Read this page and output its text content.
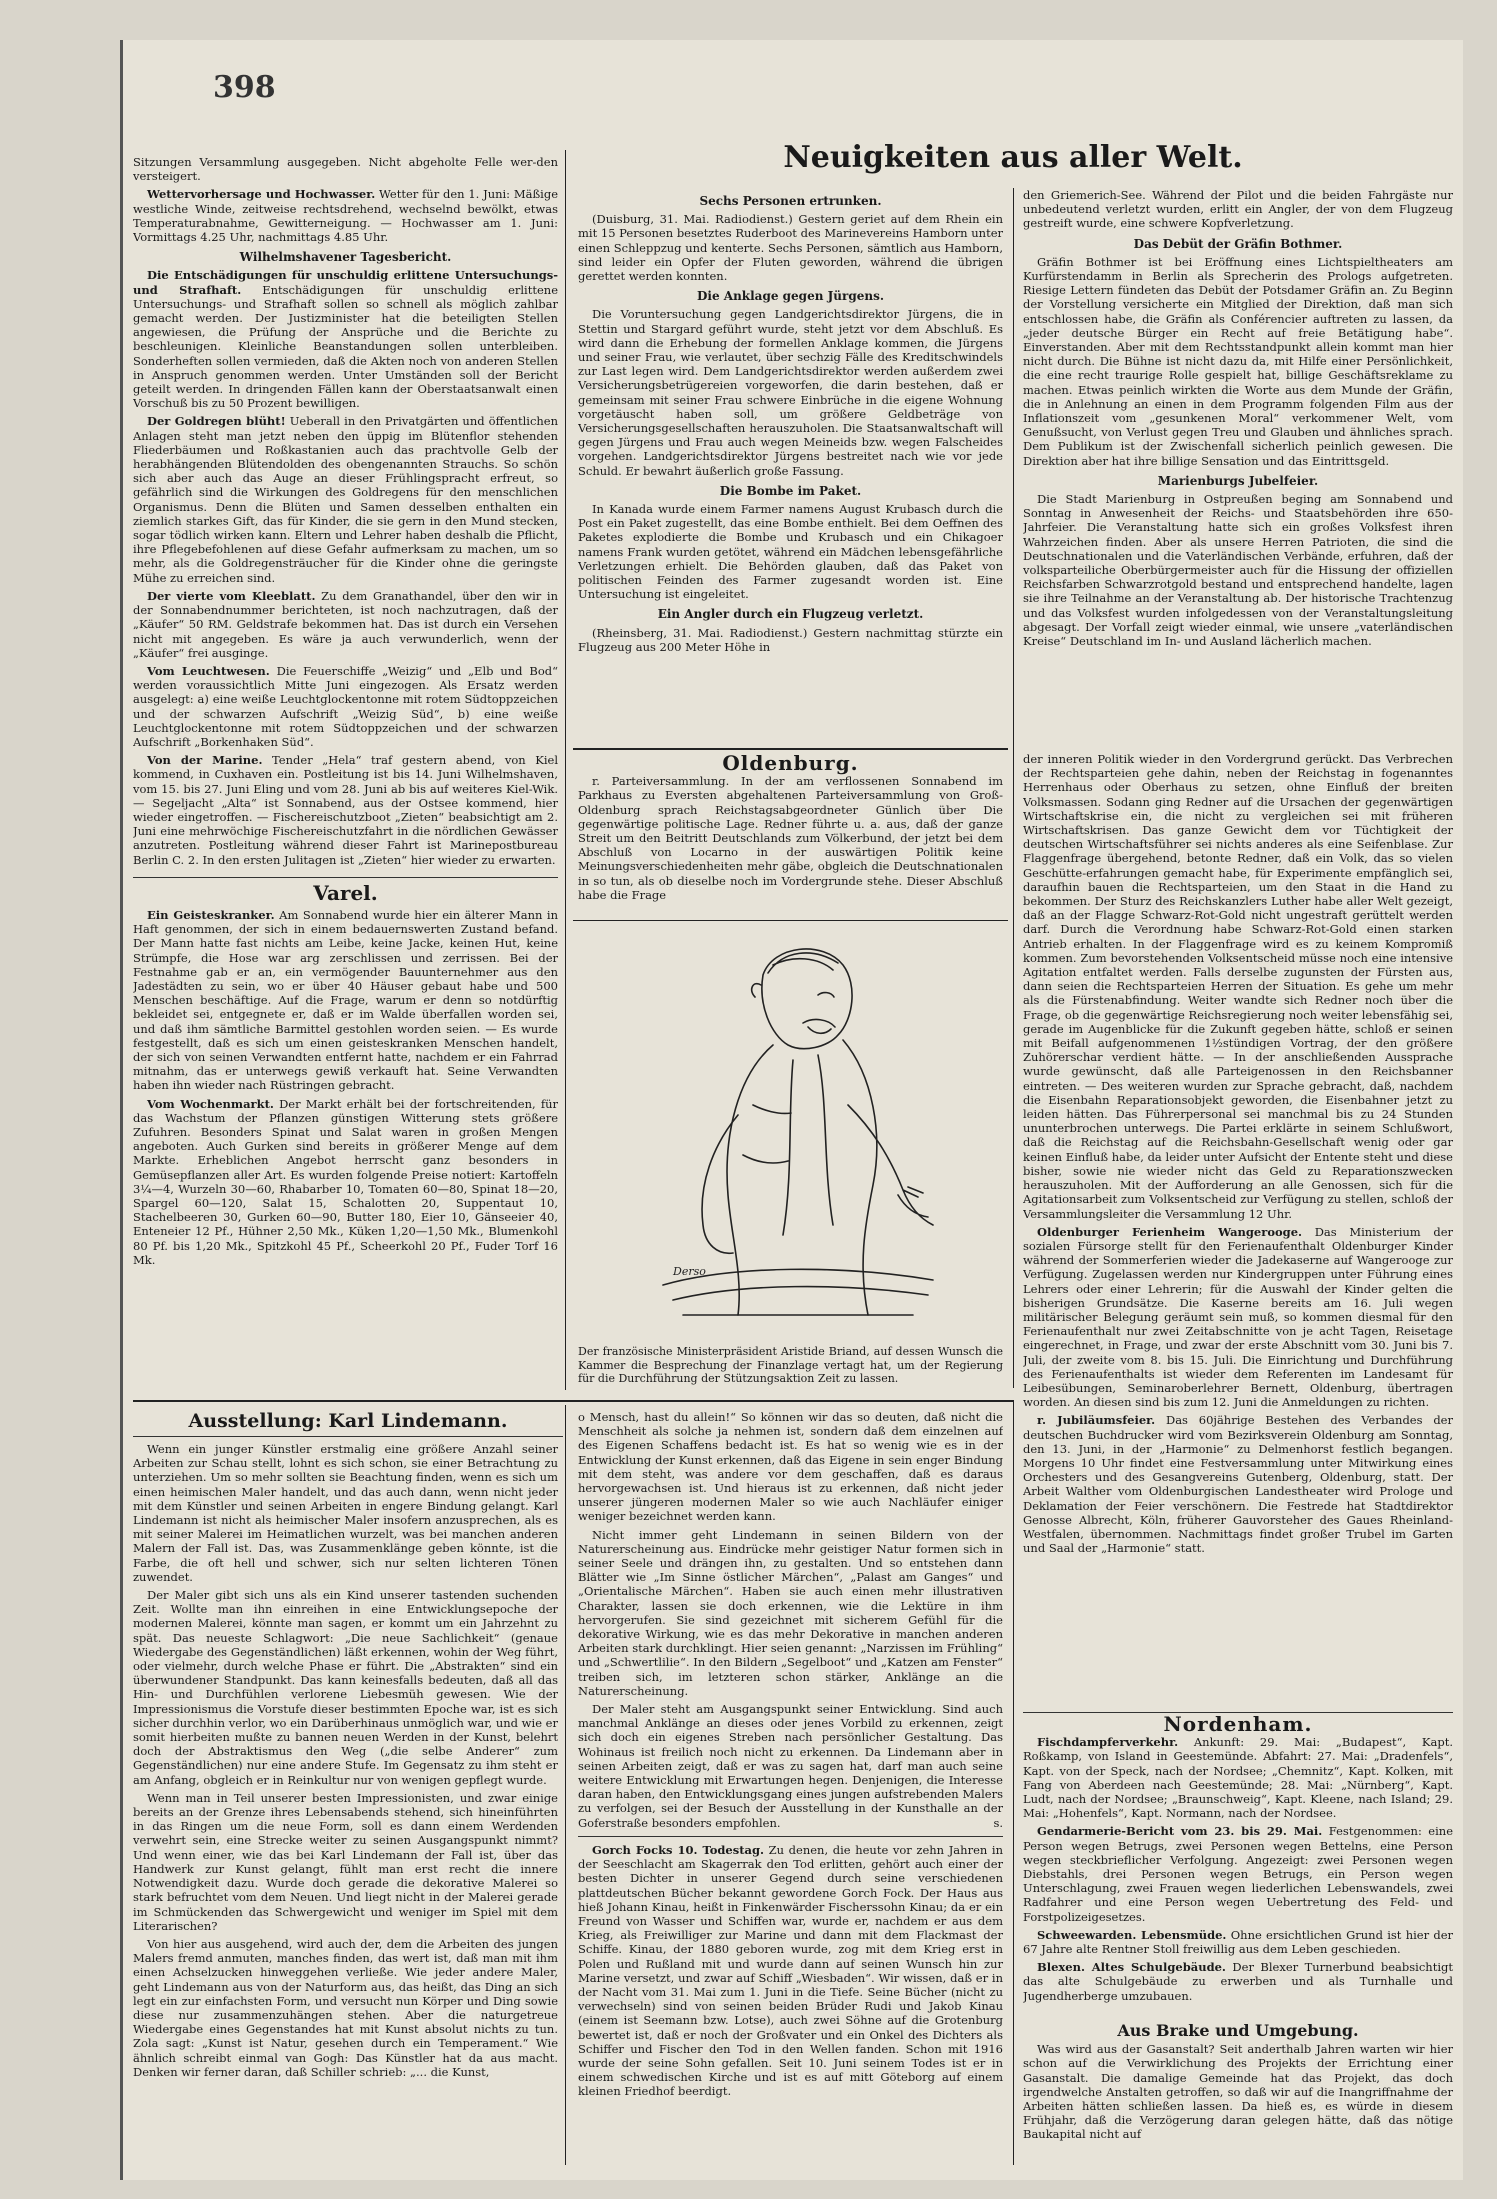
398

Sitzungen Versammlung ausgegeben. Nicht abgeholte Felle wer-den versteigert.

Wettervorhersage und Hochwasser. Wetter für den 1. Juni: Mäßige westliche Winde, zeitweise rechtsdrehend, wechselnd bewölkt, etwas Temperaturabnahme, Gewitterneigung. — Hochwasser am 1. Juni: Vormittags 4.25 Uhr, nachmittags 4.85 Uhr.

Wilhelmshavener Tagesbericht.

Die Entschädigungen für unschuldig erlittene Untersuchungs- und Strafhaft. Entschädigungen für unschuldig erlittene Untersuchungs- und Strafhaft sollen so schnell als möglich zahlbar gemacht werden. Der Justizminister hat die beteiligten Stellen angewiesen, die Prüfung der Ansprüche und die Berichte zu beschleunigen. Kleinliche Beanstandungen sollen unterbleiben. Sonderheften sollen vermieden, daß die Akten noch von anderen Stellen in Anspruch genommen werden. Unter Umständen soll der Bericht geteilt werden. In dringenden Fällen kann der Oberstaatsanwalt einen Vorschuß bis zu 50 Prozent bewilligen.

Der Goldregen blüht! Ueberall in den Privatgärten und öffentlichen Anlagen steht man jetzt neben den üppig im Blütenflor stehenden Fliederbäumen und Roßkastanien auch das prachtvolle Gelb der herabhängenden Blütendolden des obengenannten Strauchs. So schön sich aber auch das Auge an dieser Frühlingspracht erfreut, so gefährlich sind die Wirkungen des Goldregens für den menschlichen Organismus. Denn die Blüten und Samen desselben enthalten ein ziemlich starkes Gift, das für Kinder, die sie gern in den Mund stecken, sogar tödlich wirken kann. Eltern und Lehrer haben deshalb die Pflicht, ihre Pflegebefohlenen auf diese Gefahr aufmerksam zu machen, um so mehr, als die Goldregensträucher für die Kinder ohne die geringste Mühe zu erreichen sind.

Der vierte vom Kleeblatt. Zu dem Granathandel, über den wir in der Sonnabendnummer berichteten, ist noch nachzutragen, daß der „Käufer“ 50 RM. Geldstrafe bekommen hat. Das ist durch ein Versehen nicht mit angegeben. Es wäre ja auch verwunderlich, wenn der „Käufer“ frei ausginge.

Vom Leuchtwesen. Die Feuerschiffe „Weizig“ und „Elb und Bod“ werden voraussichtlich Mitte Juni eingezogen. Als Ersatz werden ausgelegt: a) eine weiße Leuchtglockentonne mit rotem Südtoppzeichen und der schwarzen Aufschrift „Weizig Süd“, b) eine weiße Leuchtglockentonne mit rotem Südtoppzeichen und der schwarzen Aufschrift „Borkenhaken Süd“.

Von der Marine. Tender „Hela“ traf gestern abend, von Kiel kommend, in Cuxhaven ein. Postleitung ist bis 14. Juni Wilhelmshaven, vom 15. bis 27. Juni Eling und vom 28. Juni ab bis auf weiteres Kiel-Wik. — Segeljacht „Alta“ ist Sonnabend, aus der Ostsee kommend, hier wieder eingetroffen. — Fischereischutzboot „Zieten“ beabsichtigt am 2. Juni eine mehrwöchige Fischereischutzfahrt in die nördlichen Gewässer anzutreten. Postleitung während dieser Fahrt ist Marinepostbureau Berlin C. 2. In den ersten Julitagen ist „Zieten“ hier wieder zu erwarten.

Varel.

Ein Geisteskranker. Am Sonnabend wurde hier ein älterer Mann in Haft genommen, der sich in einem bedauernswerten Zustand befand. Der Mann hatte fast nichts am Leibe, keine Jacke, keinen Hut, keine Strümpfe, die Hose war arg zerschlissen und zerrissen. Bei der Festnahme gab er an, ein vermögender Bauunternehmer aus den Jadestädten zu sein, wo er über 40 Häuser gebaut habe und 500 Menschen beschäftige. Auf die Frage, warum er denn so notdürftig bekleidet sei, entgegnete er, daß er im Walde überfallen worden sei, und daß ihm sämtliche Barmittel gestohlen worden seien. — Es wurde festgestellt, daß es sich um einen geisteskranken Menschen handelt, der sich von seinen Verwandten entfernt hatte, nachdem er ein Fahrrad mitnahm, das er unterwegs gewiß verkauft hat. Seine Verwandten haben ihn wieder nach Rüstringen gebracht.

Vom Wochenmarkt. Der Markt erhält bei der fortschreitenden, für das Wachstum der Pflanzen günstigen Witterung stets größere Zufuhren. Besonders Spinat und Salat waren in großen Mengen angeboten. Auch Gurken sind bereits in größerer Menge auf dem Markte. Erheblichen Angebot herrscht ganz besonders in Gemüsepflanzen aller Art. Es wurden folgende Preise notiert: Kartoffeln 3¼—4, Wurzeln 30—60, Rhabarber 10, Tomaten 60—80, Spinat 18—20, Spargel 60—120, Salat 15, Schalotten 20, Suppentaut 10, Stachelbeeren 30, Gurken 60—90, Butter 180, Eier 10, Gänseeier 40, Enteneier 12 Pf., Hühner 2,50 Mk., Küken 1,20—1,50 Mk., Blumenkohl 80 Pf. bis 1,20 Mk., Spitzkohl 45 Pf., Scheerkohl 20 Pf., Fuder Torf 16 Mk.

Neuigkeiten aus aller Welt.
Sechs Personen ertrunken.

(Duisburg, 31. Mai. Radiodienst.) Gestern geriet auf dem Rhein ein mit 15 Personen besetztes Ruderboot des Marinevereins Hamborn unter einen Schleppzug und kenterte. Sechs Personen, sämtlich aus Hamborn, sind leider ein Opfer der Fluten geworden, während die übrigen gerettet werden konnten.

Die Anklage gegen Jürgens.

Die Voruntersuchung gegen Landgerichtsdirektor Jürgens, die in Stettin und Stargard geführt wurde, steht jetzt vor dem Abschluß. Es wird dann die Erhebung der formellen Anklage kommen, die Jürgens und seiner Frau, wie verlautet, über sechzig Fälle des Kreditschwindels zur Last legen wird. Dem Landgerichtsdirektor werden außerdem zwei Versicherungsbetrügereien vorgeworfen, die darin bestehen, daß er gemeinsam mit seiner Frau schwere Einbrüche in die eigene Wohnung vorgetäuscht haben soll, um größere Geldbeträge von Versicherungsgesellschaften herauszuholen. Die Staatsanwaltschaft will gegen Jürgens und Frau auch wegen Meineids bzw. wegen Falscheides vorgehen. Landgerichtsdirektor Jürgens bestreitet nach wie vor jede Schuld. Er bewahrt äußerlich große Fassung.

Die Bombe im Paket.

In Kanada wurde einem Farmer namens August Krubasch durch die Post ein Paket zugestellt, das eine Bombe enthielt. Bei dem Oeffnen des Paketes explodierte die Bombe und Krubasch und ein Chikagoer namens Frank wurden getötet, während ein Mädchen lebensgefährliche Verletzungen erhielt. Die Behörden glauben, daß das Paket von politischen Feinden des Farmer zugesandt worden ist. Eine Untersuchung ist eingeleitet.

Ein Angler durch ein Flugzeug verletzt.

(Rheinsberg, 31. Mai. Radiodienst.) Gestern nachmittag stürzte ein Flugzeug aus 200 Meter Höhe in

den Griemerich-See. Während der Pilot und die beiden Fahrgäste nur unbedeutend verletzt wurden, erlitt ein Angler, der von dem Flugzeug gestreift wurde, eine schwere Kopfverletzung.

Das Debüt der Gräfin Bothmer.

Gräfin Bothmer ist bei Eröffnung eines Lichtspieltheaters am Kurfürstendamm in Berlin als Sprecherin des Prologs aufgetreten. Riesige Lettern fündeten das Debüt der Potsdamer Gräfin an. Zu Beginn der Vorstellung versicherte ein Mitglied der Direktion, daß man sich entschlossen habe, die Gräfin als Conférencier auftreten zu lassen, da „jeder deutsche Bürger ein Recht auf freie Betätigung habe“. Einverstanden. Aber mit dem Rechtsstandpunkt allein kommt man hier nicht durch. Die Bühne ist nicht dazu da, mit Hilfe einer Persönlichkeit, die eine recht traurige Rolle gespielt hat, billige Geschäftsreklame zu machen. Etwas peinlich wirkten die Worte aus dem Munde der Gräfin, die in Anlehnung an einen in dem Programm folgenden Film aus der Inflationszeit vom „gesunkenen Moral“ verkommener Welt, vom Genußsucht, von Verlust gegen Treu und Glauben und ähnliches sprach. Dem Publikum ist der Zwischenfall sicherlich peinlich gewesen. Die Direktion aber hat ihre billige Sensation und das Eintrittsgeld.

Marienburgs Jubelfeier.

Die Stadt Marienburg in Ostpreußen beging am Sonnabend und Sonntag in Anwesenheit der Reichs- und Staatsbehörden ihre 650-Jahrfeier. Die Veranstaltung hatte sich ein großes Volksfest ihren Wahrzeichen finden. Aber als unsere Herren Patrioten, die sind die Deutschnationalen und die Vaterländischen Verbände, erfuhren, daß der volksparteiliche Oberbürgermeister auch für die Hissung der offiziellen Reichsfarben Schwarzrotgold bestand und entsprechend handelte, lagen sie ihre Teilnahme an der Veranstaltung ab. Der historische Trachtenzug und das Volksfest wurden infolgedessen von der Veranstaltungsleitung abgesagt. Der Vorfall zeigt wieder einmal, wie unsere „vaterländischen Kreise“ Deutschland im In- und Ausland lächerlich machen.

Oldenburg.

r. Parteiversammlung. In der am verflossenen Sonnabend im Parkhaus zu Eversten abgehaltenen Parteiversammlung von Groß-Oldenburg sprach Reichstagsabgeordneter Günlich über Die gegenwärtige politische Lage. Redner führte u. a. aus, daß der ganze Streit um den Beitritt Deutschlands zum Völkerbund, der jetzt bei dem Abschluß von Locarno in der auswärtigen Politik keine Meinungsverschiedenheiten mehr gäbe, obgleich die Deutschnationalen in so tun, als ob dieselbe noch im Vordergrunde stehe. Dieser Abschluß habe die Frage

Derso
Der französische Ministerpräsident Aristide Briand, auf dessen Wunsch die Kammer die Besprechung der Finanzlage vertagt hat, um der Regierung für die Durchführung der Stützungsaktion Zeit zu lassen.

der inneren Politik wieder in den Vordergrund gerückt. Das Verbrechen der Rechtsparteien gehe dahin, neben der Reichstag in fogenanntes Herrenhaus oder Oberhaus zu setzen, ohne Einfluß der breiten Volksmassen. Sodann ging Redner auf die Ursachen der gegenwärtigen Wirtschaftskrise ein, die nicht zu vergleichen sei mit früheren Wirtschaftskrisen. Das ganze Gewicht dem vor Tüchtigkeit der deutschen Wirtschaftsführer sei nichts anderes als eine Seifenblase. Zur Flaggenfrage übergehend, betonte Redner, daß ein Volk, das so vielen Geschütte-erfahrungen gemacht habe, für Experimente empfänglich sei, daraufhin bauen die Rechtsparteien, um den Staat in die Hand zu bekommen. Der Sturz des Reichskanzlers Luther habe aller Welt gezeigt, daß an der Flagge Schwarz-Rot-Gold nicht ungestraft gerüttelt werden darf. Durch die Verordnung habe Schwarz-Rot-Gold einen starken Antrieb erhalten. In der Flaggenfrage wird es zu keinem Kompromiß kommen. Zum bevorstehenden Volksentscheid müsse noch eine intensive Agitation entfaltet werden. Falls derselbe zugunsten der Fürsten aus, dann seien die Rechtsparteien Herren der Situation. Es gehe um mehr als die Fürstenabfindung. Weiter wandte sich Redner noch über die Frage, ob die gegenwärtige Reichsregierung noch weiter lebensfähig sei, gerade im Augenblicke für die Zukunft gegeben hätte, schloß er seinen mit Beifall aufgenommenen 1½stündigen Vortrag, der den größere Zuhörerschar verdient hätte. — In der anschließenden Aussprache wurde gewünscht, daß alle Parteigenossen in den Reichsbanner eintreten. — Des weiteren wurden zur Sprache gebracht, daß, nachdem die Eisenbahn Reparationsobjekt geworden, die Eisenbahner jetzt zu leiden hätten. Das Führerpersonal sei manchmal bis zu 24 Stunden ununterbrochen unterwegs. Die Partei erklärte in seinem Schlußwort, daß die Reichstag auf die Reichsbahn-Gesellschaft wenig oder gar keinen Einfluß habe, da leider unter Aufsicht der Entente steht und diese bisher, sowie nie wieder nicht das Geld zu Reparationszwecken herauszuholen. Mit der Aufforderung an alle Genossen, sich für die Agitationsarbeit zum Volksentscheid zur Verfügung zu stellen, schloß der Versammlungsleiter die Versammlung 12 Uhr.

Oldenburger Ferienheim Wangerooge. Das Ministerium der sozialen Fürsorge stellt für den Ferienaufenthalt Oldenburger Kinder während der Sommerferien wieder die Jadekaserne auf Wangerooge zur Verfügung. Zugelassen werden nur Kindergruppen unter Führung eines Lehrers oder einer Lehrerin; für die Auswahl der Kinder gelten die bisherigen Grundsätze. Die Kaserne bereits am 16. Juli wegen militärischer Belegung geräumt sein muß, so kommen diesmal für den Ferienaufenthalt nur zwei Zeitabschnitte von je acht Tagen, Reisetage eingerechnet, in Frage, und zwar der erste Abschnitt vom 30. Juni bis 7. Juli, der zweite vom 8. bis 15. Juli. Die Einrichtung und Durchführung des Ferienaufenthalts ist wieder dem Referenten im Landesamt für Leibesübungen, Seminaroberlehrer Bernett, Oldenburg, übertragen worden. An diesen sind bis zum 12. Juni die Anmeldungen zu richten.

r. Jubiläumsfeier. Das 60jährige Bestehen des Verbandes der deutschen Buchdrucker wird vom Bezirksverein Oldenburg am Sonntag, den 13. Juni, in der „Harmonie“ zu Delmenhorst festlich begangen. Morgens 10 Uhr findet eine Festversammlung unter Mitwirkung eines Orchesters und des Gesangvereins Gutenberg, Oldenburg, statt. Der Arbeit Walther vom Oldenburgischen Landestheater wird Prologe und Deklamation der Feier verschönern. Die Festrede hat Stadtdirektor Genosse Albrecht, Köln, früherer Gauvorsteher des Gaues Rheinland-Westfalen, übernommen. Nachmittags findet großer Trubel im Garten und Saal der „Harmonie“ statt.

Ausstellung: Karl Lindemann.

Wenn ein junger Künstler erstmalig eine größere Anzahl seiner Arbeiten zur Schau stellt, lohnt es sich schon, sie einer Betrachtung zu unterziehen. Um so mehr sollten sie Beachtung finden, wenn es sich um einen heimischen Maler handelt, und das auch dann, wenn nicht jeder mit dem Künstler und seinen Arbeiten in engere Bindung gelangt. Karl Lindemann ist nicht als heimischer Maler insofern anzusprechen, als es mit seiner Malerei im Heimatlichen wurzelt, was bei manchen anderen Malern der Fall ist. Das, was Zusammenklänge geben könnte, ist die Farbe, die oft hell und schwer, sich nur selten lichteren Tönen zuwendet.

Der Maler gibt sich uns als ein Kind unserer tastenden suchenden Zeit. Wollte man ihn einreihen in eine Entwicklungsepoche der modernen Malerei, könnte man sagen, er kommt um ein Jahrzehnt zu spät. Das neueste Schlagwort: „Die neue Sachlichkeit“ (genaue Wiedergabe des Gegenständlichen) läßt erkennen, wohin der Weg führt, oder vielmehr, durch welche Phase er führt. Die „Abstrakten“ sind ein überwundener Standpunkt. Das kann keinesfalls bedeuten, daß all das Hin- und Durchfühlen verlorene Liebesmüh gewesen. Wie der Impressionismus die Vorstufe dieser bestimmten Epoche war, ist es sich sicher durchhin verlor, wo ein Darüberhinaus unmöglich war, und wie er somit hierbeiten mußte zu bannen neuen Werden in der Kunst, belehrt doch der Abstraktismus den Weg („die selbe Anderer“ zum Gegenständlichen) nur eine andere Stufe. Im Gegensatz zu ihm steht er am Anfang, obgleich er in Reinkultur nur von wenigen gepflegt wurde.

Wenn man in Teil unserer besten Impressionisten, und zwar einige bereits an der Grenze ihres Lebensabends stehend, sich hineinführten in das Ringen um die neue Form, soll es dann einem Werdenden verwehrt sein, eine Strecke weiter zu seinen Ausgangspunkt nimmt? Und wenn einer, wie das bei Karl Lindemann der Fall ist, über das Handwerk zur Kunst gelangt, fühlt man erst recht die innere Notwendigkeit dazu. Wurde doch gerade die dekorative Malerei so stark befruchtet vom dem Neuen. Und liegt nicht in der Malerei gerade im Schmückenden das Schwergewicht und weniger im Spiel mit dem Literarischen?

Von hier aus ausgehend, wird auch der, dem die Arbeiten des jungen Malers fremd anmuten, manches finden, das wert ist, daß man mit ihm einen Achselzucken hinweggehen verließe. Wie jeder andere Maler, geht Lindemann aus von der Naturform aus, das heißt, das Ding an sich legt ein zur einfachsten Form, und versucht nun Körper und Ding sowie diese nur zusammenzuhängen stehen. Aber die naturgetreue Wiedergabe eines Gegenstandes hat mit Kunst absolut nichts zu tun. Zola sagt: „Kunst ist Natur, gesehen durch ein Temperament.“ Wie ähnlich schreibt einmal van Gogh: Das Künstler hat da aus macht. Denken wir ferner daran, daß Schiller schrieb: „... die Kunst,

o Mensch, hast du allein!“ So können wir das so deuten, daß nicht die Menschheit als solche ja nehmen ist, sondern daß dem einzelnen auf des Eigenen Schaffens bedacht ist. Es hat so wenig wie es in der Entwicklung der Kunst erkennen, daß das Eigene in sein enger Bindung mit dem steht, was andere vor dem geschaffen, daß es daraus hervorgewachsen ist. Und hieraus ist zu erkennen, daß nicht jeder unserer jüngeren modernen Maler so wie auch Nachläufer einiger weniger bezeichnet werden kann.

Nicht immer geht Lindemann in seinen Bildern von der Naturerscheinung aus. Eindrücke mehr geistiger Natur formen sich in seiner Seele und drängen ihn, zu gestalten. Und so entstehen dann Blätter wie „Im Sinne östlicher Märchen“, „Palast am Ganges“ und „Orientalische Märchen“. Haben sie auch einen mehr illustrativen Charakter, lassen sie doch erkennen, wie die Lektüre in ihm hervorgerufen. Sie sind gezeichnet mit sicherem Gefühl für die dekorative Wirkung, wie es das mehr Dekorative in manchen anderen Arbeiten stark durchklingt. Hier seien genannt: „Narzissen im Frühling“ und „Schwertlilie“. In den Bildern „Segelboot“ und „Katzen am Fenster“ treiben sich, im letzteren schon stärker, Anklänge an die Naturerscheinung.

Der Maler steht am Ausgangspunkt seiner Entwicklung. Sind auch manchmal Anklänge an dieses oder jenes Vorbild zu erkennen, zeigt sich doch ein eigenes Streben nach persönlicher Gestaltung. Das Wohinaus ist freilich noch nicht zu erkennen. Da Lindemann aber in seinen Arbeiten zeigt, daß er was zu sagen hat, darf man auch seine weitere Entwicklung mit Erwartungen hegen. Denjenigen, die Interesse daran haben, den Entwicklungsgang eines jungen aufstrebenden Malers zu verfolgen, sei der Besuch der Ausstellung in der Kunsthalle an der Goferstraße besonders empfohlen.	s.

Gorch Focks 10. Todestag. Zu denen, die heute vor zehn Jahren in der Seeschlacht am Skagerrak den Tod erlitten, gehört auch einer der besten Dichter in unserer Gegend durch seine verschiedenen plattdeutschen Bücher bekannt gewordene Gorch Fock. Der Haus aus hieß Johann Kinau, heißt in Finkenwärder Fischerssohn Kinau; da er ein Freund von Wasser und Schiffen war, wurde er, nachdem er aus dem Krieg, als Freiwilliger zur Marine und dann mit dem Flackmast der Schiffe. Kinau, der 1880 geboren wurde, zog mit dem Krieg erst in Polen und Rußland mit und wurde dann auf seinen Wunsch hin zur Marine versetzt, und zwar auf Schiff „Wiesbaden“. Wir wissen, daß er in der Nacht vom 31. Mai zum 1. Juni in die Tiefe. Seine Bücher (nicht zu verwechseln) sind von seinen beiden Brüder Rudi und Jakob Kinau (einem ist Seemann bzw. Lotse), auch zwei Söhne auf die Grotenburg bewertet ist, daß er noch der Großvater und ein Onkel des Dichters als Schiffer und Fischer den Tod in den Wellen fanden. Schon mit 1916 wurde der seine Sohn gefallen. Seit 10. Juni seinem Todes ist er in einem schwedischen Kirche und ist es auf mitt Göteborg auf einem kleinen Friedhof beerdigt.

Nordenham.

Fischdampferverkehr. Ankunft: 29. Mai: „Budapest“, Kapt. Roßkamp, von Island in Geestemünde. Abfahrt: 27. Mai: „Dradenfels“, Kapt. von der Speck, nach der Nordsee; „Chemnitz“, Kapt. Kolken, mit Fang von Aberdeen nach Geestemünde; 28. Mai: „Nürnberg“, Kapt. Ludt, nach der Nordsee; „Braunschweig“, Kapt. Kleene, nach Island; 29. Mai: „Hohenfels“, Kapt. Normann, nach der Nordsee.

Gendarmerie-Bericht vom 23. bis 29. Mai. Festgenommen: eine Person wegen Betrugs, zwei Personen wegen Bettelns, eine Person wegen steckbrieflicher Verfolgung. Angezeigt: zwei Personen wegen Diebstahls, drei Personen wegen Betrugs, ein Person wegen Unterschlagung, zwei Frauen wegen liederlichen Lebenswandels, zwei Radfahrer und eine Person wegen Uebertretung des Feld- und Forstpolizeigesetzes.

Schweewarden. Lebensmüde. Ohne ersichtlichen Grund ist hier der 67 Jahre alte Rentner Stoll freiwillig aus dem Leben geschieden.

Blexen. Altes Schulgebäude. Der Blexer Turnerbund beabsichtigt das alte Schulgebäude zu erwerben und als Turnhalle und Jugendherberge umzubauen.

Aus Brake und Umgebung.

Was wird aus der Gasanstalt? Seit anderthalb Jahren warten wir hier schon auf die Verwirklichung des Projekts der Errichtung einer Gasanstalt. Die damalige Gemeinde hat das Projekt, das doch irgendwelche Anstalten getroffen, so daß wir auf die Inangriffnahme der Arbeiten hätten schließen lassen. Da hieß es, es würde in diesem Frühjahr, daß die Verzögerung daran gelegen hätte, daß das nötige Baukapital nicht auf
